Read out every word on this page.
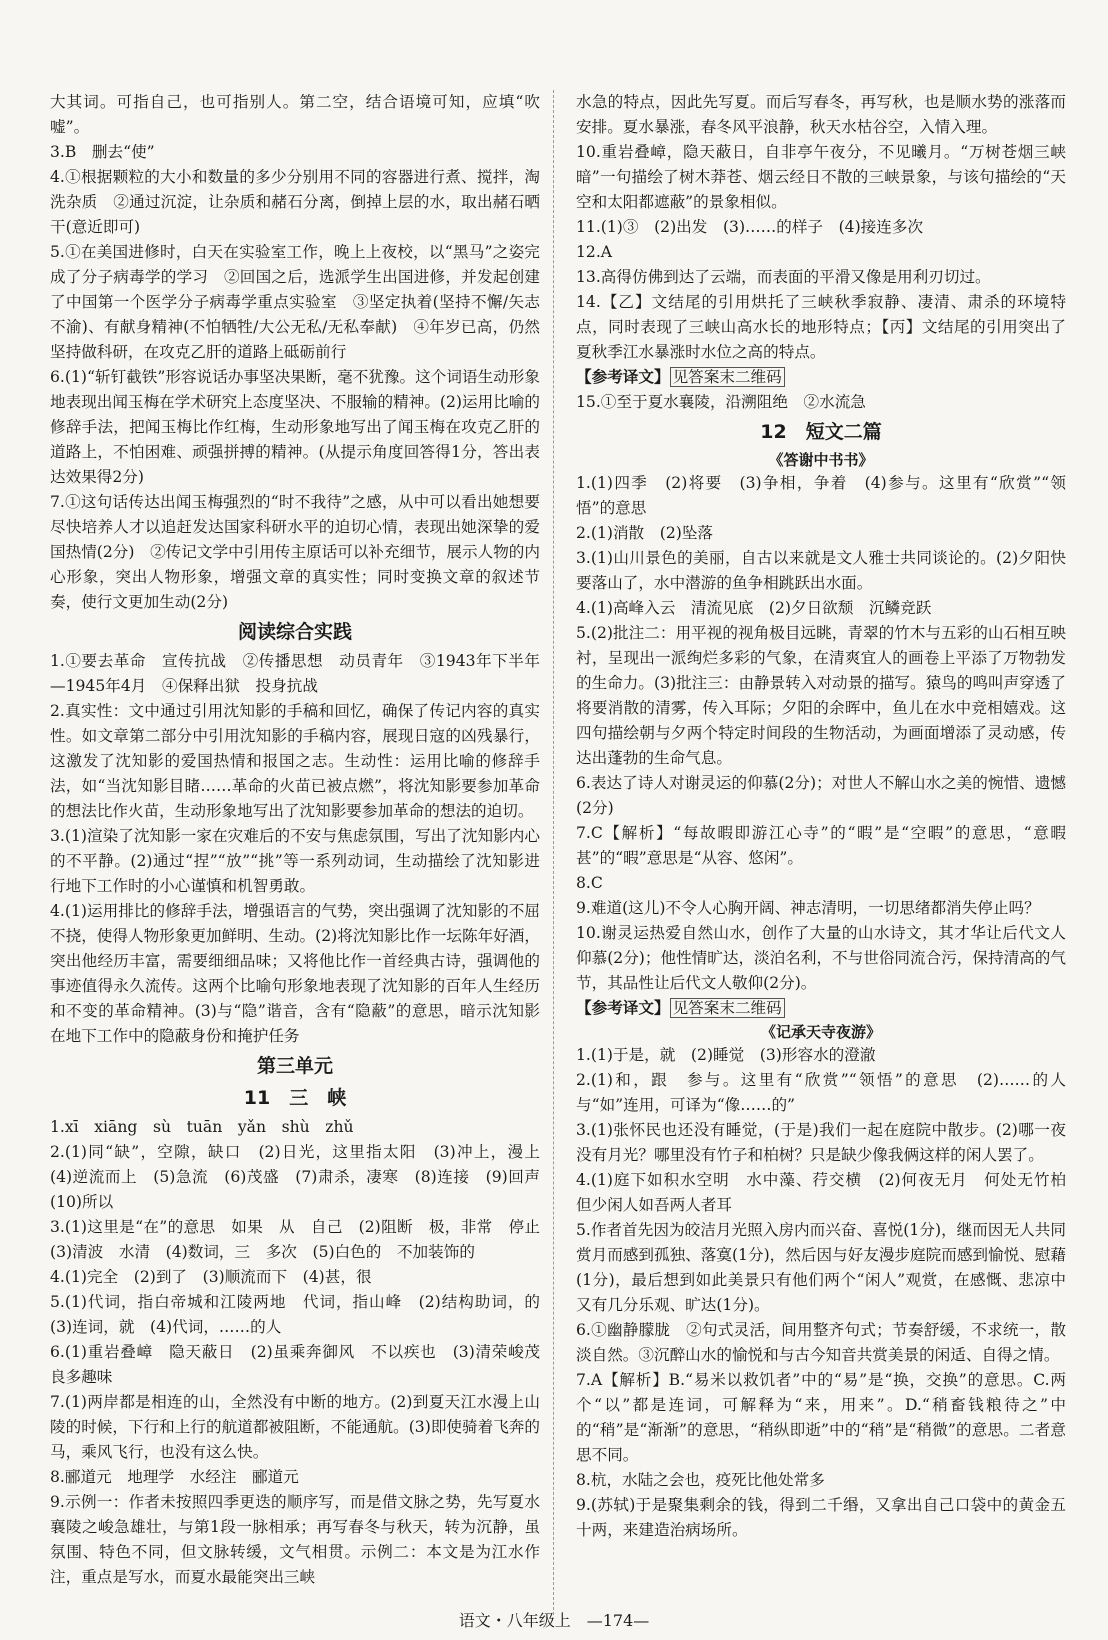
大其词。可指自己，也可指别人。第二空，结合语境可知，应填“吹嘘”。

3.B　删去“使”

4.①根据颗粒的大小和数量的多少分别用不同的容器进行煮、搅拌，淘洗杂质　②通过沉淀，让杂质和赭石分离，倒掉上层的水，取出赭石晒干(意近即可)

5.①在美国进修时，白天在实验室工作，晚上上夜校，以“黑马”之姿完成了分子病毒学的学习　②回国之后，选派学生出国进修，并发起创建了中国第一个医学分子病毒学重点实验室　③坚定执着(坚持不懈/矢志不渝)、有献身精神(不怕牺牲/大公无私/无私奉献)　④年岁已高，仍然坚持做科研，在攻克乙肝的道路上砥砺前行

6.(1)“斩钉截铁”形容说话办事坚决果断，毫不犹豫。这个词语生动形象地表现出闻玉梅在学术研究上态度坚决、不服输的精神。(2)运用比喻的修辞手法，把闻玉梅比作红梅，生动形象地写出了闻玉梅在攻克乙肝的道路上，不怕困难、顽强拼搏的精神。(从提示角度回答得1分，答出表达效果得2分)

7.①这句话传达出闻玉梅强烈的“时不我待”之感，从中可以看出她想要尽快培养人才以追赶发达国家科研水平的迫切心情，表现出她深挚的爱国热情(2分)　②传记文学中引用传主原话可以补充细节，展示人物的内心形象，突出人物形象，增强文章的真实性；同时变换文章的叙述节奏，使行文更加生动(2分)

阅读综合实践

1.①要去革命　宣传抗战　②传播思想　动员青年　③1943年下半年—1945年4月　④保释出狱　投身抗战

2.真实性：文中通过引用沈知影的手稿和回忆，确保了传记内容的真实性。如文章第二部分中引用沈知影的手稿内容，展现日寇的凶残暴行，这激发了沈知影的爱国热情和报国之志。生动性：运用比喻的修辞手法，如“当沈知影目睹……革命的火苗已被点燃”，将沈知影要参加革命的想法比作火苗，生动形象地写出了沈知影要参加革命的想法的迫切。

3.(1)渲染了沈知影一家在灾难后的不安与焦虑氛围，写出了沈知影内心的不平静。(2)通过“捏”“放”“挑”等一系列动词，生动描绘了沈知影进行地下工作时的小心谨慎和机智勇敢。

4.(1)运用排比的修辞手法，增强语言的气势，突出强调了沈知影的不屈不挠，使得人物形象更加鲜明、生动。(2)将沈知影比作一坛陈年好酒，突出他经历丰富，需要细细品味；又将他比作一首经典古诗，强调他的事迹值得永久流传。这两个比喻句形象地表现了沈知影的百年人生经历和不变的革命精神。(3)与“隐”谐音，含有“隐蔽”的意思，暗示沈知影在地下工作中的隐蔽身份和掩护任务

第三单元
11　三　峡

1.xī　xiāng　sù　tuān　yǎn　shù　zhǔ

2.(1)同“缺”，空隙，缺口　(2)日光，这里指太阳　(3)冲上，漫上　(4)逆流而上　(5)急流　(6)茂盛　(7)肃杀，凄寒　(8)连接　(9)回声　(10)所以

3.(1)这里是“在”的意思　如果　从　自己　(2)阻断　极，非常　停止　(3)清波　水清　(4)数词，三　多次　(5)白色的　不加装饰的

4.(1)完全　(2)到了　(3)顺流而下　(4)甚，很

5.(1)代词，指白帝城和江陵两地　代词，指山峰　(2)结构助词，的　(3)连词，就　(4)代词，……的人

6.(1)重岩叠嶂　隐天蔽日　(2)虽乘奔御风　不以疾也　(3)清荣峻茂　良多趣味

7.(1)两岸都是相连的山，全然没有中断的地方。(2)到夏天江水漫上山陵的时候，下行和上行的航道都被阻断，不能通航。(3)即使骑着飞奔的马，乘风飞行，也没有这么快。

8.郦道元　地理学　水经注　郦道元

9.示例一：作者未按照四季更迭的顺序写，而是借文脉之势，先写夏水襄陵之峻急雄壮，与第1段一脉相承；再写春冬与秋天，转为沉静，虽氛围、特色不同，但文脉转缓，文气相贯。示例二：本文是为江水作注，重点是写水，而夏水最能突出三峡

水急的特点，因此先写夏。而后写春冬，再写秋，也是顺水势的涨落而安排。夏水暴涨，春冬风平浪静，秋天水枯谷空，入情入理。

10.重岩叠嶂，隐天蔽日，自非亭午夜分，不见曦月。“万树苍烟三峡暗”一句描绘了树木莽苍、烟云经日不散的三峡景象，与该句描绘的“天空和太阳都遮蔽”的景象相似。

11.(1)③　(2)出发　(3)……的样子　(4)接连多次

12.A

13.高得仿佛到达了云端，而表面的平滑又像是用利刃切过。

14.【乙】文结尾的引用烘托了三峡秋季寂静、凄清、肃杀的环境特点，同时表现了三峡山高水长的地形特点；【丙】文结尾的引用突出了夏秋季江水暴涨时水位之高的特点。

【参考译文】 见答案末二维码

15.①至于夏水襄陵，沿溯阻绝　②水流急

12　短文二篇
《答谢中书书》

1.(1)四季　(2)将要　(3)争相，争着　(4)参与。这里有“欣赏”“领悟”的意思

2.(1)消散　(2)坠落

3.(1)山川景色的美丽，自古以来就是文人雅士共同谈论的。(2)夕阳快要落山了，水中潜游的鱼争相跳跃出水面。

4.(1)高峰入云　清流见底　(2)夕日欲颓　沉鳞竞跃

5.(2)批注二：用平视的视角极目远眺，青翠的竹木与五彩的山石相互映衬，呈现出一派绚烂多彩的气象，在清爽宜人的画卷上平添了万物勃发的生命力。(3)批注三：由静景转入对动景的描写。猿鸟的鸣叫声穿透了将要消散的清雾，传入耳际；夕阳的余晖中，鱼儿在水中竞相嬉戏。这四句描绘朝与夕两个特定时间段的生物活动，为画面增添了灵动感，传达出蓬勃的生命气息。

6.表达了诗人对谢灵运的仰慕(2分)；对世人不解山水之美的惋惜、遗憾(2分)

7.C【解析】“每故暇即游江心寺”的“暇”是“空暇”的意思，“意暇甚”的“暇”意思是“从容、悠闲”。

8.C

9.难道(这儿)不令人心胸开阔、神志清明，一切思绪都消失停止吗？

10.谢灵运热爱自然山水，创作了大量的山水诗文，其才华让后代文人仰慕(2分)；他性情旷达，淡泊名利，不与世俗同流合污，保持清高的气节，其品性让后代文人敬仰(2分)。

【参考译文】 见答案末二维码

《记承天寺夜游》

1.(1)于是，就　(2)睡觉　(3)形容水的澄澈

2.(1)和，跟　参与。这里有“欣赏”“领悟”的意思　(2)……的人　与“如”连用，可译为“像……的”

3.(1)张怀民也还没有睡觉，(于是)我们一起在庭院中散步。(2)哪一夜没有月光？哪里没有竹子和柏树？只是缺少像我俩这样的闲人罢了。

4.(1)庭下如积水空明　水中藻、荇交横　(2)何夜无月　何处无竹柏　但少闲人如吾两人者耳

5.作者首先因为皎洁月光照入房内而兴奋、喜悦(1分)，继而因无人共同赏月而感到孤独、落寞(1分)，然后因与好友漫步庭院而感到愉悦、慰藉(1分)，最后想到如此美景只有他们两个“闲人”观赏，在感慨、悲凉中又有几分乐观、旷达(1分)。

6.①幽静朦胧　②句式灵活，间用整齐句式；节奏舒缓，不求统一，散淡自然。③沉醉山水的愉悦和与古今知音共赏美景的闲适、自得之情。

7.A【解析】B.“易米以救饥者”中的“易”是“换，交换”的意思。C.两个“以”都是连词，可解释为“来，用来”。D.“稍畜钱粮待之”中的“稍”是“渐渐”的意思，“稍纵即逝”中的“稍”是“稍微”的意思。二者意思不同。

8.杭，水陆之会也，疫死比他处常多

9.(苏轼)于是聚集剩余的钱，得到二千缗，又拿出自己口袋中的黄金五十两，来建造治病场所。

语文・八年级上　—174—
